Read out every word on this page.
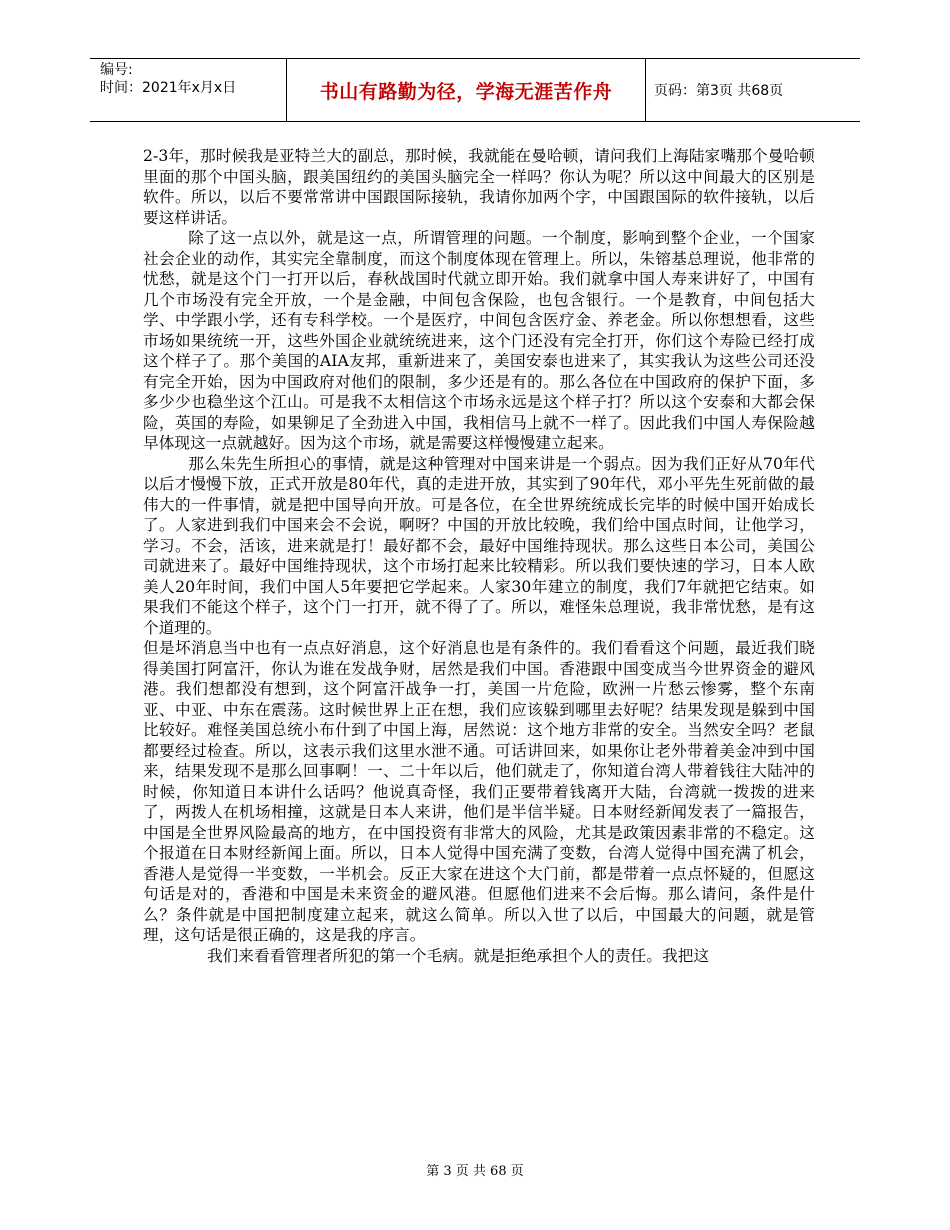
编号:
时间：2021年x月x日	书山有路勤为径，学海无涯苦作舟	页码：第3页 共68页

2-3年，那时候我是亚特兰大的副总，那时候，我就能在曼哈顿，请问我们上海陆家嘴那个曼哈顿里面的那个中国头脑，跟美国纽约的美国头脑完全一样吗？你认为呢？所以这中间最大的区别是软件。所以，以后不要常常讲中国跟国际接轨，我请你加两个字，中国跟国际的软件接轨，以后要这样讲话。

除了这一点以外，就是这一点，所谓管理的问题。一个制度，影响到整个企业，一个国家社会企业的动作，其实完全靠制度，而这个制度体现在管理上。所以，朱镕基总理说，他非常的忧愁，就是这个门一打开以后，春秋战国时代就立即开始。我们就拿中国人寿来讲好了，中国有几个市场没有完全开放，一个是金融，中间包含保险，也包含银行。一个是教育，中间包括大学、中学跟小学，还有专科学校。一个是医疗，中间包含医疗金、养老金。所以你想想看，这些市场如果统统一开，这些外国企业就统统进来，这个门还没有完全打开，你们这个寿险已经打成这个样子了。那个美国的AIA友邦，重新进来了，美国安泰也进来了，其实我认为这些公司还没有完全开始，因为中国政府对他们的限制，多少还是有的。那么各位在中国政府的保护下面，多多少少也稳坐这个江山。可是我不太相信这个市场永远是这个样子打？所以这个安泰和大都会保险，英国的寿险，如果铆足了全劲进入中国，我相信马上就不一样了。因此我们中国人寿保险越早体现这一点就越好。因为这个市场，就是需要这样慢慢建立起来。

那么朱先生所担心的事情，就是这种管理对中国来讲是一个弱点。因为我们正好从70年代以后才慢慢下放，正式开放是80年代，真的走进开放，其实到了90年代，邓小平先生死前做的最伟大的一件事情，就是把中国导向开放。可是各位，在全世界统统成长完毕的时候中国开始成长了。人家进到我们中国来会不会说，啊呀？中国的开放比较晚，我们给中国点时间，让他学习，学习。不会，活该，进来就是打！最好都不会，最好中国维持现状。那么这些日本公司，美国公司就进来了。最好中国维持现状，这个市场打起来比较精彩。所以我们要快速的学习，日本人欧美人20年时间，我们中国人5年要把它学起来。人家30年建立的制度，我们7年就把它结束。如果我们不能这个样子，这个门一打开，就不得了了。所以，难怪朱总理说，我非常忧愁，是有这个道理的。

但是坏消息当中也有一点点好消息，这个好消息也是有条件的。我们看看这个问题，最近我们晓得美国打阿富汗，你认为谁在发战争财，居然是我们中国。香港跟中国变成当今世界资金的避风港。我们想都没有想到，这个阿富汗战争一打，美国一片危险，欧洲一片愁云惨雾，整个东南亚、中亚、中东在震荡。这时候世界上正在想，我们应该躲到哪里去好呢？结果发现是躲到中国比较好。难怪美国总统小布什到了中国上海，居然说：这个地方非常的安全。当然安全吗？老鼠都要经过检查。所以，这表示我们这里水泄不通。可话讲回来，如果你让老外带着美金冲到中国来，结果发现不是那么回事啊！一、二十年以后，他们就走了，你知道台湾人带着钱往大陆冲的时候，你知道日本讲什么话吗？他说真奇怪，我们正要带着钱离开大陆，台湾就一拨拨的进来了，两拨人在机场相撞，这就是日本人来讲，他们是半信半疑。日本财经新闻发表了一篇报告，中国是全世界风险最高的地方，在中国投资有非常大的风险，尤其是政策因素非常的不稳定。这个报道在日本财经新闻上面。所以，日本人觉得中国充满了变数，台湾人觉得中国充满了机会，香港人是觉得一半变数，一半机会。反正大家在进这个大门前，都是带着一点点怀疑的，但愿这句话是对的，香港和中国是未来资金的避风港。但愿他们进来不会后悔。那么请问，条件是什么？条件就是中国把制度建立起来，就这么简单。所以入世了以后，中国最大的问题，就是管理，这句话是很正确的，这是我的序言。

我们来看看管理者所犯的第一个毛病。就是拒绝承担个人的责任。我把这

第 3 页 共 68 页
